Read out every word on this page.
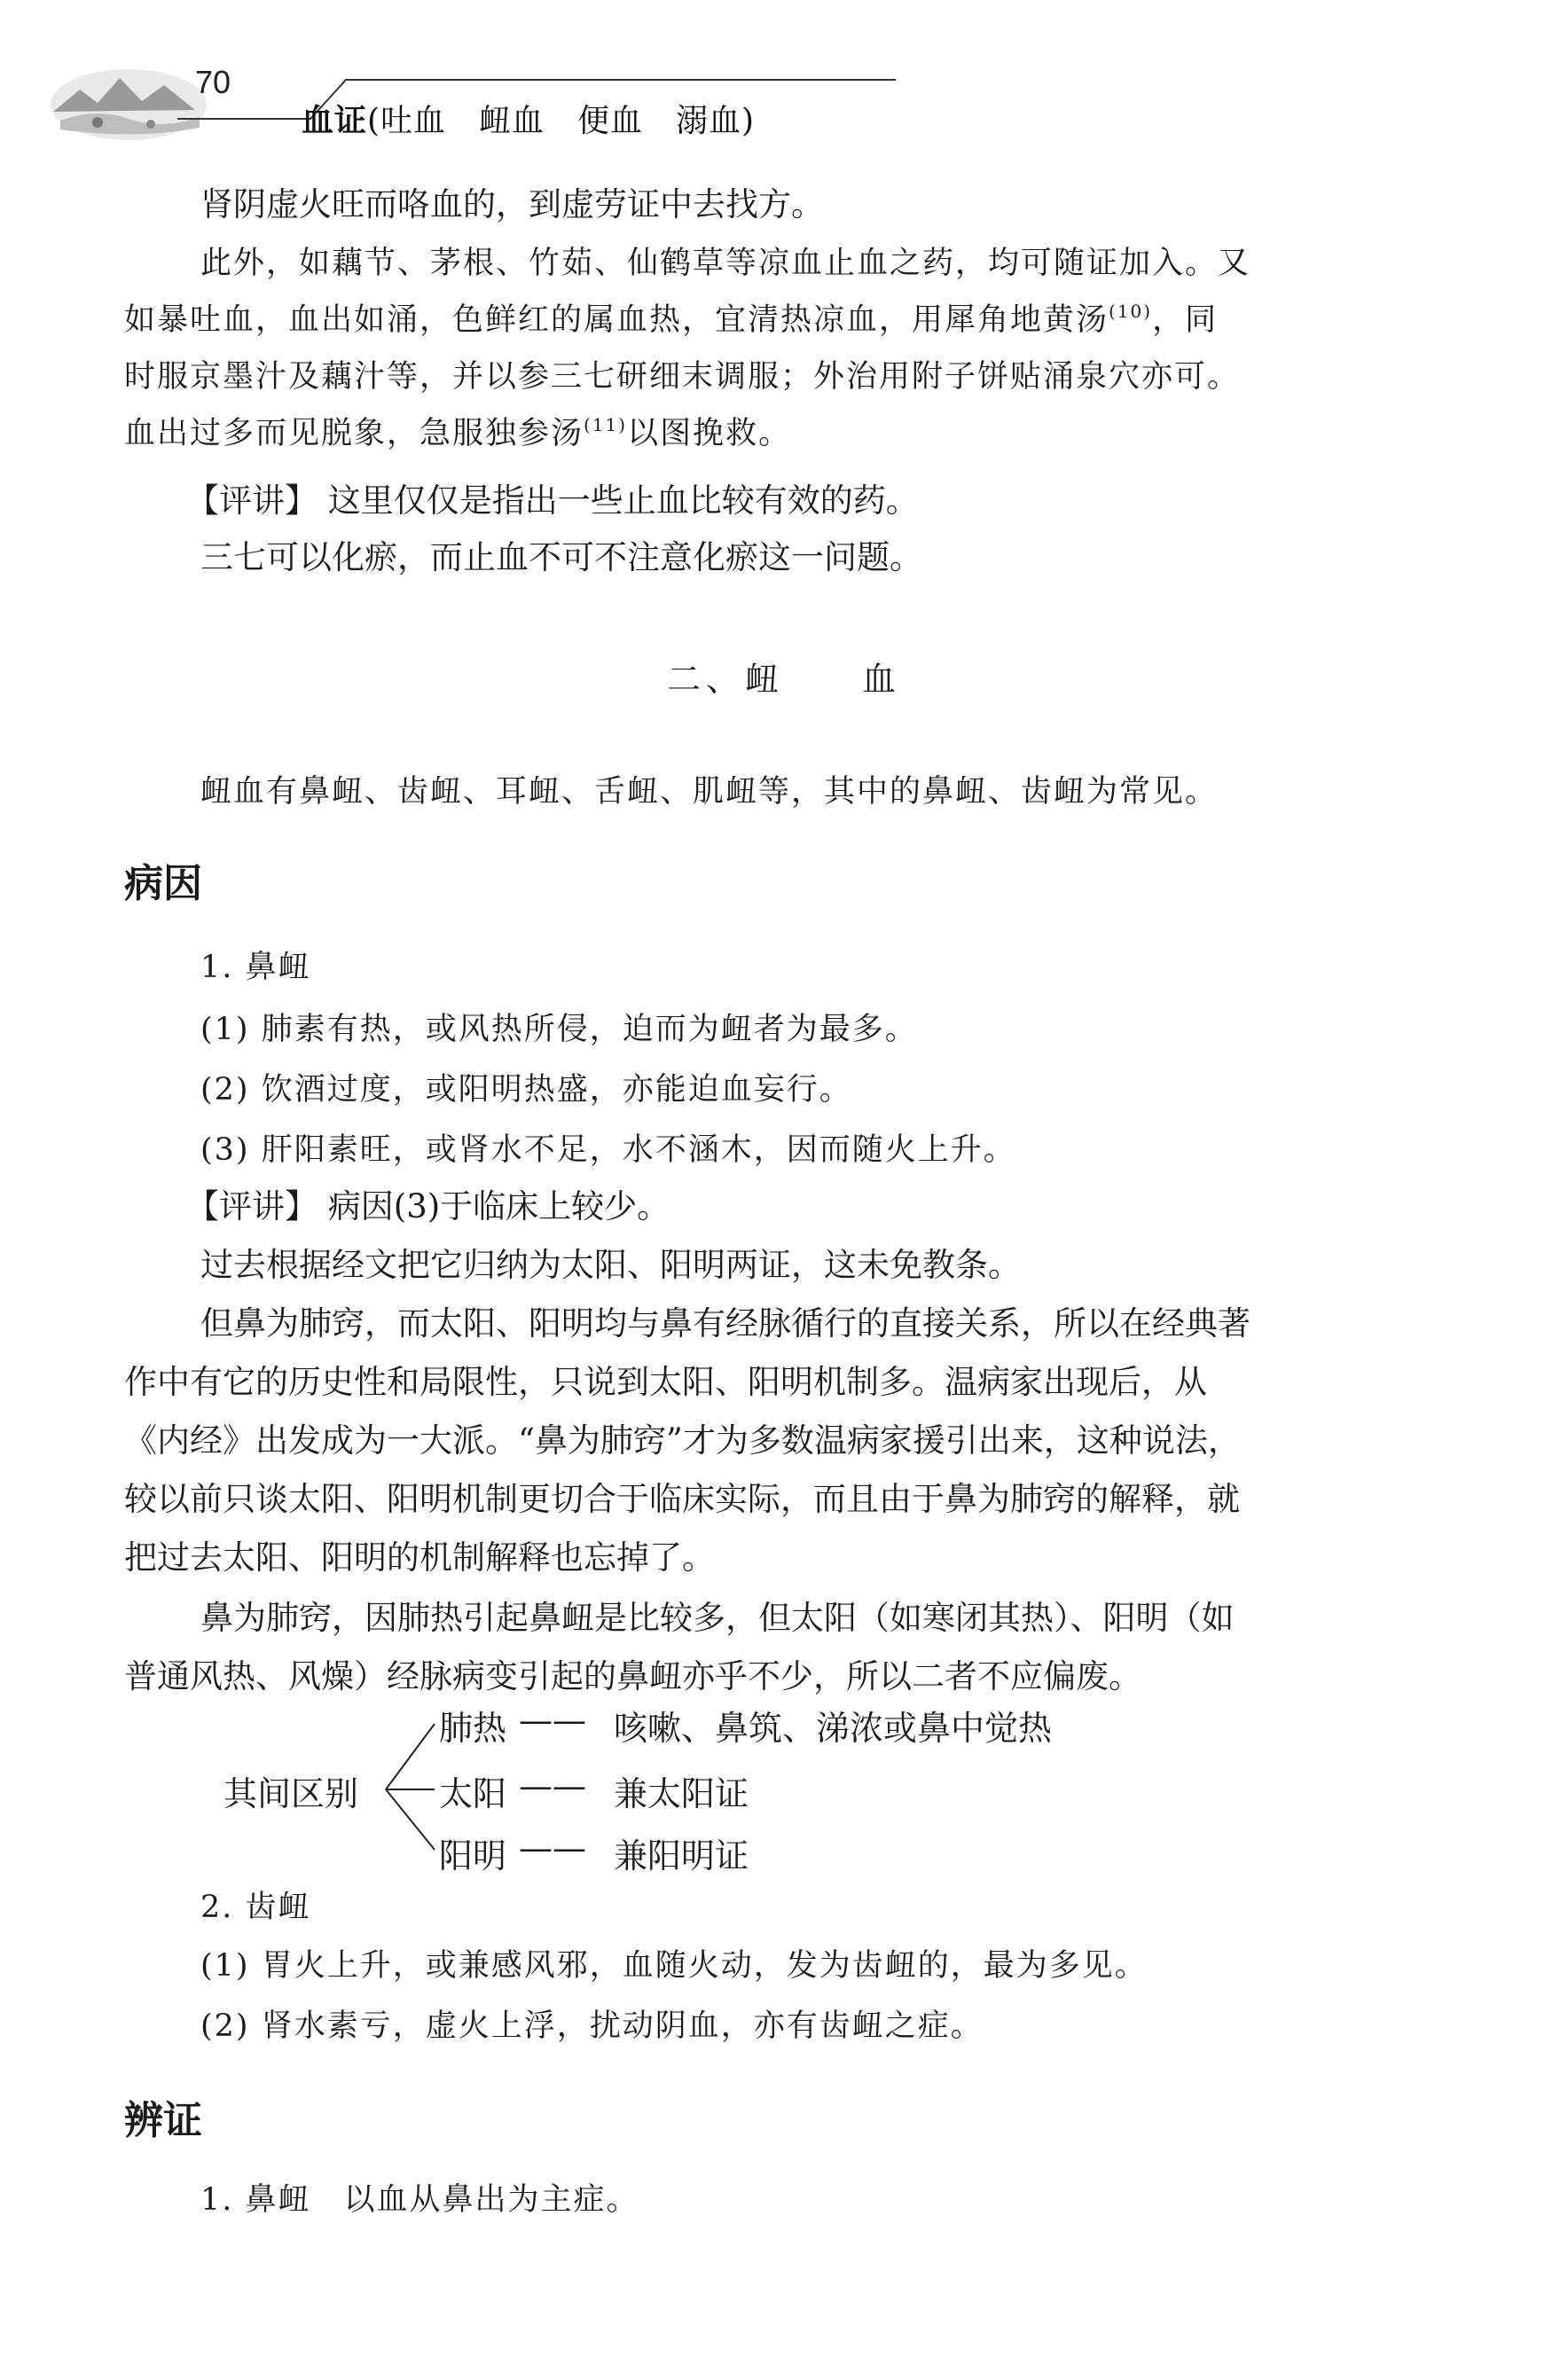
70
血证(吐血　衄血　便血　溺血)

肾阴虚火旺而咯血的，到虚劳证中去找方。

此外，如藕节、茅根、竹茹、仙鹤草等凉血止血之药，均可随证加入。又

如暴吐血，血出如涌，色鲜红的属血热，宜清热凉血，用犀角地黄汤$^{(10)}$，同

时服京墨汁及藕汁等，并以参三七研细末调服；外治用附子饼贴涌泉穴亦可。

血出过多而见脱象，急服独参汤$^{(11)}$以图挽救。

【评讲】 这里仅仅是指出一些止血比较有效的药。

三七可以化瘀，而止血不可不注意化瘀这一问题。

二、衄　　血

衄血有鼻衄、齿衄、耳衄、舌衄、肌衄等，其中的鼻衄、齿衄为常见。

病因

1. 鼻衄

(1) 肺素有热，或风热所侵，迫而为衄者为最多。

(2) 饮酒过度，或阳明热盛，亦能迫血妄行。

(3) 肝阳素旺，或肾水不足，水不涵木，因而随火上升。

【评讲】 病因(3)于临床上较少。

过去根据经文把它归纳为太阳、阳明两证，这未免教条。

但鼻为肺窍，而太阳、阳明均与鼻有经脉循行的直接关系，所以在经典著

作中有它的历史性和局限性，只说到太阳、阳明机制多。温病家出现后，从

《内经》出发成为一大派。“鼻为肺窍”才为多数温病家援引出来，这种说法，

较以前只谈太阳、阳明机制更切合于临床实际，而且由于鼻为肺窍的解释，就

把过去太阳、阳明的机制解释也忘掉了。

鼻为肺窍，因肺热引起鼻衄是比较多，但太阳（如寒闭其热）、阳明（如

普通风热、风燥）经脉病变引起的鼻衄亦乎不少，所以二者不应偏废。

其间区别
肺热 —— 咳嗽、鼻筑、涕浓或鼻中觉热
太阳 —— 兼太阳证
阳明 —— 兼阳明证

2. 齿衄

(1) 胃火上升，或兼感风邪，血随火动，发为齿衄的，最为多见。

(2) 肾水素亏，虚火上浮，扰动阴血，亦有齿衄之症。

辨证

1. 鼻衄　以血从鼻出为主症。
